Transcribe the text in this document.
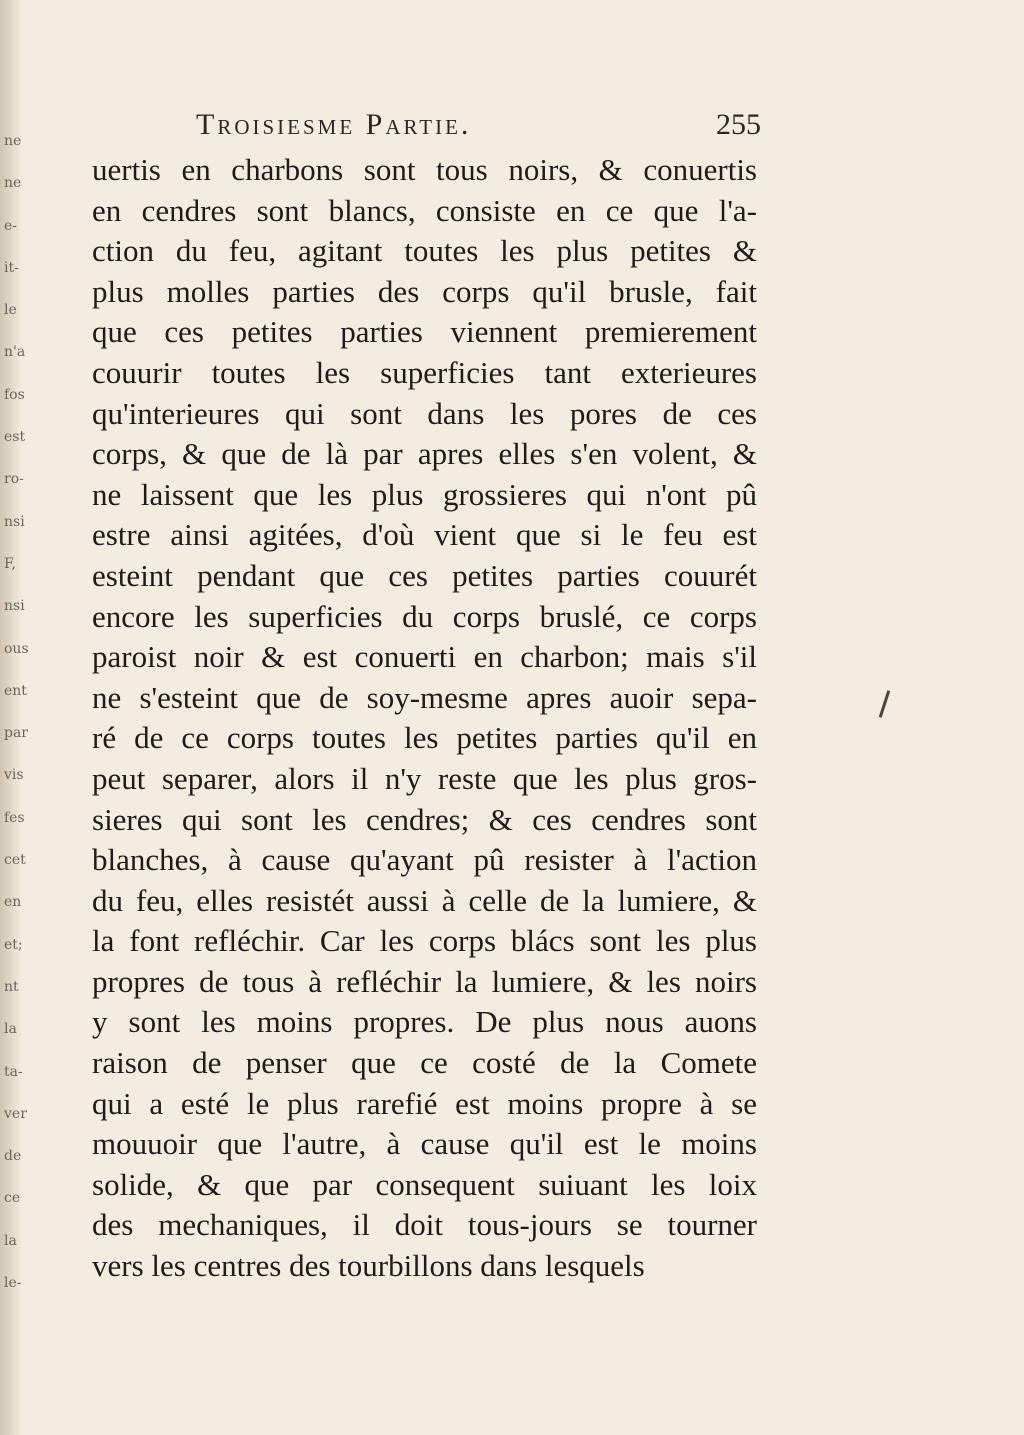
ne
ne
e-
it-
le
n'a
fos
est
ro-
nsi
F,
nsi
ous
ent
par
vis
fes
cet
en
et;
nt
la
ta-
ver
de
ce
la
le-
Troisiesme Partie.	255
uertis en charbons sont tous noirs, & conuertis
en cendres sont blancs, consiste en ce que l'a-
ction du feu, agitant toutes les plus petites &
plus molles parties des corps qu'il brusle, fait
que ces petites parties viennent premierement
couurir toutes les superficies tant exterieures
qu'interieures qui sont dans les pores de ces
corps, & que de là par apres elles s'en volent, &
ne laissent que les plus grossieres qui n'ont pû
estre ainsi agitées, d'où vient que si le feu est
esteint pendant que ces petites parties couurét
encore les superficies du corps bruslé, ce corps
paroist noir & est conuerti en charbon; mais s'il
ne s'esteint que de soy-mesme apres auoir sepa-
ré de ce corps toutes les petites parties qu'il en
peut separer, alors il n'y reste que les plus gros-
sieres qui sont les cendres; & ces cendres sont
blanches, à cause qu'ayant pû resister à l'action
du feu, elles resistét aussi à celle de la lumiere, &
la font refléchir. Car les corps blács sont les plus
propres de tous à refléchir la lumiere, & les noirs
y sont les moins propres. De plus nous auons
raison de penser que ce costé de la Comete
qui a esté le plus rarefié est moins propre à se
mouuoir que l'autre, à cause qu'il est le moins
solide, & que par consequent suiuant les loix
des mechaniques, il doit tous-jours se tourner
vers les centres des tourbillons dans lesquels
